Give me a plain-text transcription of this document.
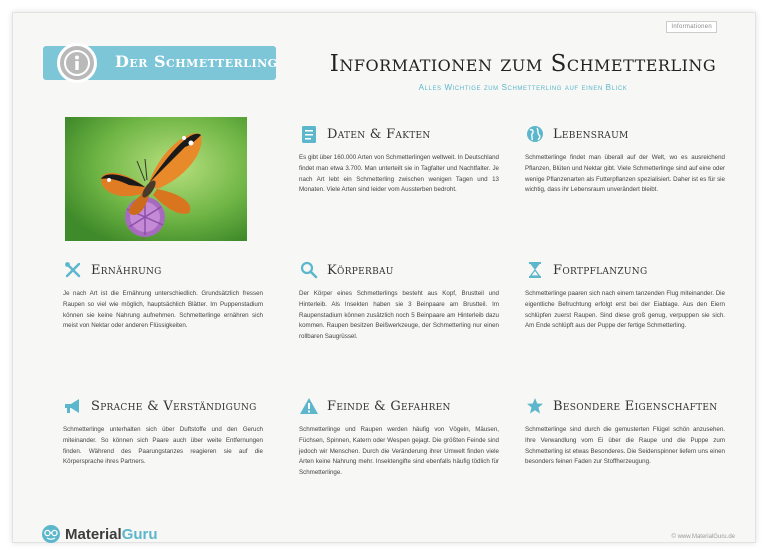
Informationen
Der Schmetterling	Informationen zum Schmetterling
Alles Wichtige zum Schmetterling auf einen Blick
Daten & Fakten
Es gibt über 160.000 Arten von Schmetterlingen weltweit. In Deutschland findet man etwa 3.700. Man unterteilt sie in Tagfalter und Nachtfalter. Je nach Art lebt ein Schmetterling zwischen wenigen Tagen und 13 Monaten. Viele Arten sind leider vom Aussterben bedroht.
Lebensraum
Schmetterlinge findet man überall auf der Welt, wo es ausreichend Pflanzen, Blüten und Nektar gibt. Viele Schmetterlinge sind auf eine oder wenige Pflanzenarten als Futterpflanzen spezialisiert. Daher ist es für sie wichtig, dass ihr Lebensraum unverändert bleibt.
Ernährung
Je nach Art ist die Ernährung unterschiedlich. Grundsätzlich fressen Raupen so viel wie möglich, hauptsächlich Blätter. Im Puppenstadium können sie keine Nahrung aufnehmen. Schmetterlinge ernähren sich meist von Nektar oder anderen Flüssigkeiten.
Körperbau
Der Körper eines Schmetterlings besteht aus Kopf, Brustteil und Hinterleib. Als Insekten haben sie 3 Beinpaare am Brustteil. Im Raupenstadium können zusätzlich noch 5 Beinpaare am Hinterleib dazu kommen. Raupen besitzen Beißwerkzeuge, der Schmetterling nur einen rollbaren Saugrüssel.
Fortpflanzung
Schmetterlinge paaren sich nach einem tanzenden Flug miteinander. Die eigentliche Befruchtung erfolgt erst bei der Eiablage. Aus den Eiern schlüpfen zuerst Raupen. Sind diese groß genug, verpuppen sie sich. Am Ende schlüpft aus der Puppe der fertige Schmetterling.
Sprache & Verständigung
Schmetterlinge unterhalten sich über Duftstoffe und den Geruch miteinander. So können sich Paare auch über weite Entfernungen finden. Während des Paarungstanzes reagieren sie auf die Körpersprache ihres Partners.
Feinde & Gefahren
Schmetterlinge und Raupen werden häufig von Vögeln, Mäusen, Füchsen, Spinnen, Katern oder Wespen gejagt. Die größten Feinde sind jedoch wir Menschen. Durch die Veränderung ihrer Umwelt finden viele Arten keine Nahrung mehr. Insektengifte sind ebenfalls häufig tödlich für Schmetterlinge.
Besondere Eigenschaften
Schmetterlinge sind durch die gemusterten Flügel schön anzusehen. Ihre Verwandlung vom Ei über die Raupe und die Puppe zum Schmetterling ist etwas Besonderes. Die Seidenspinner liefern uns einen besonders feinen Faden zur Stoffherzeugung.
MaterialGuru	© www.MaterialGuru.de
